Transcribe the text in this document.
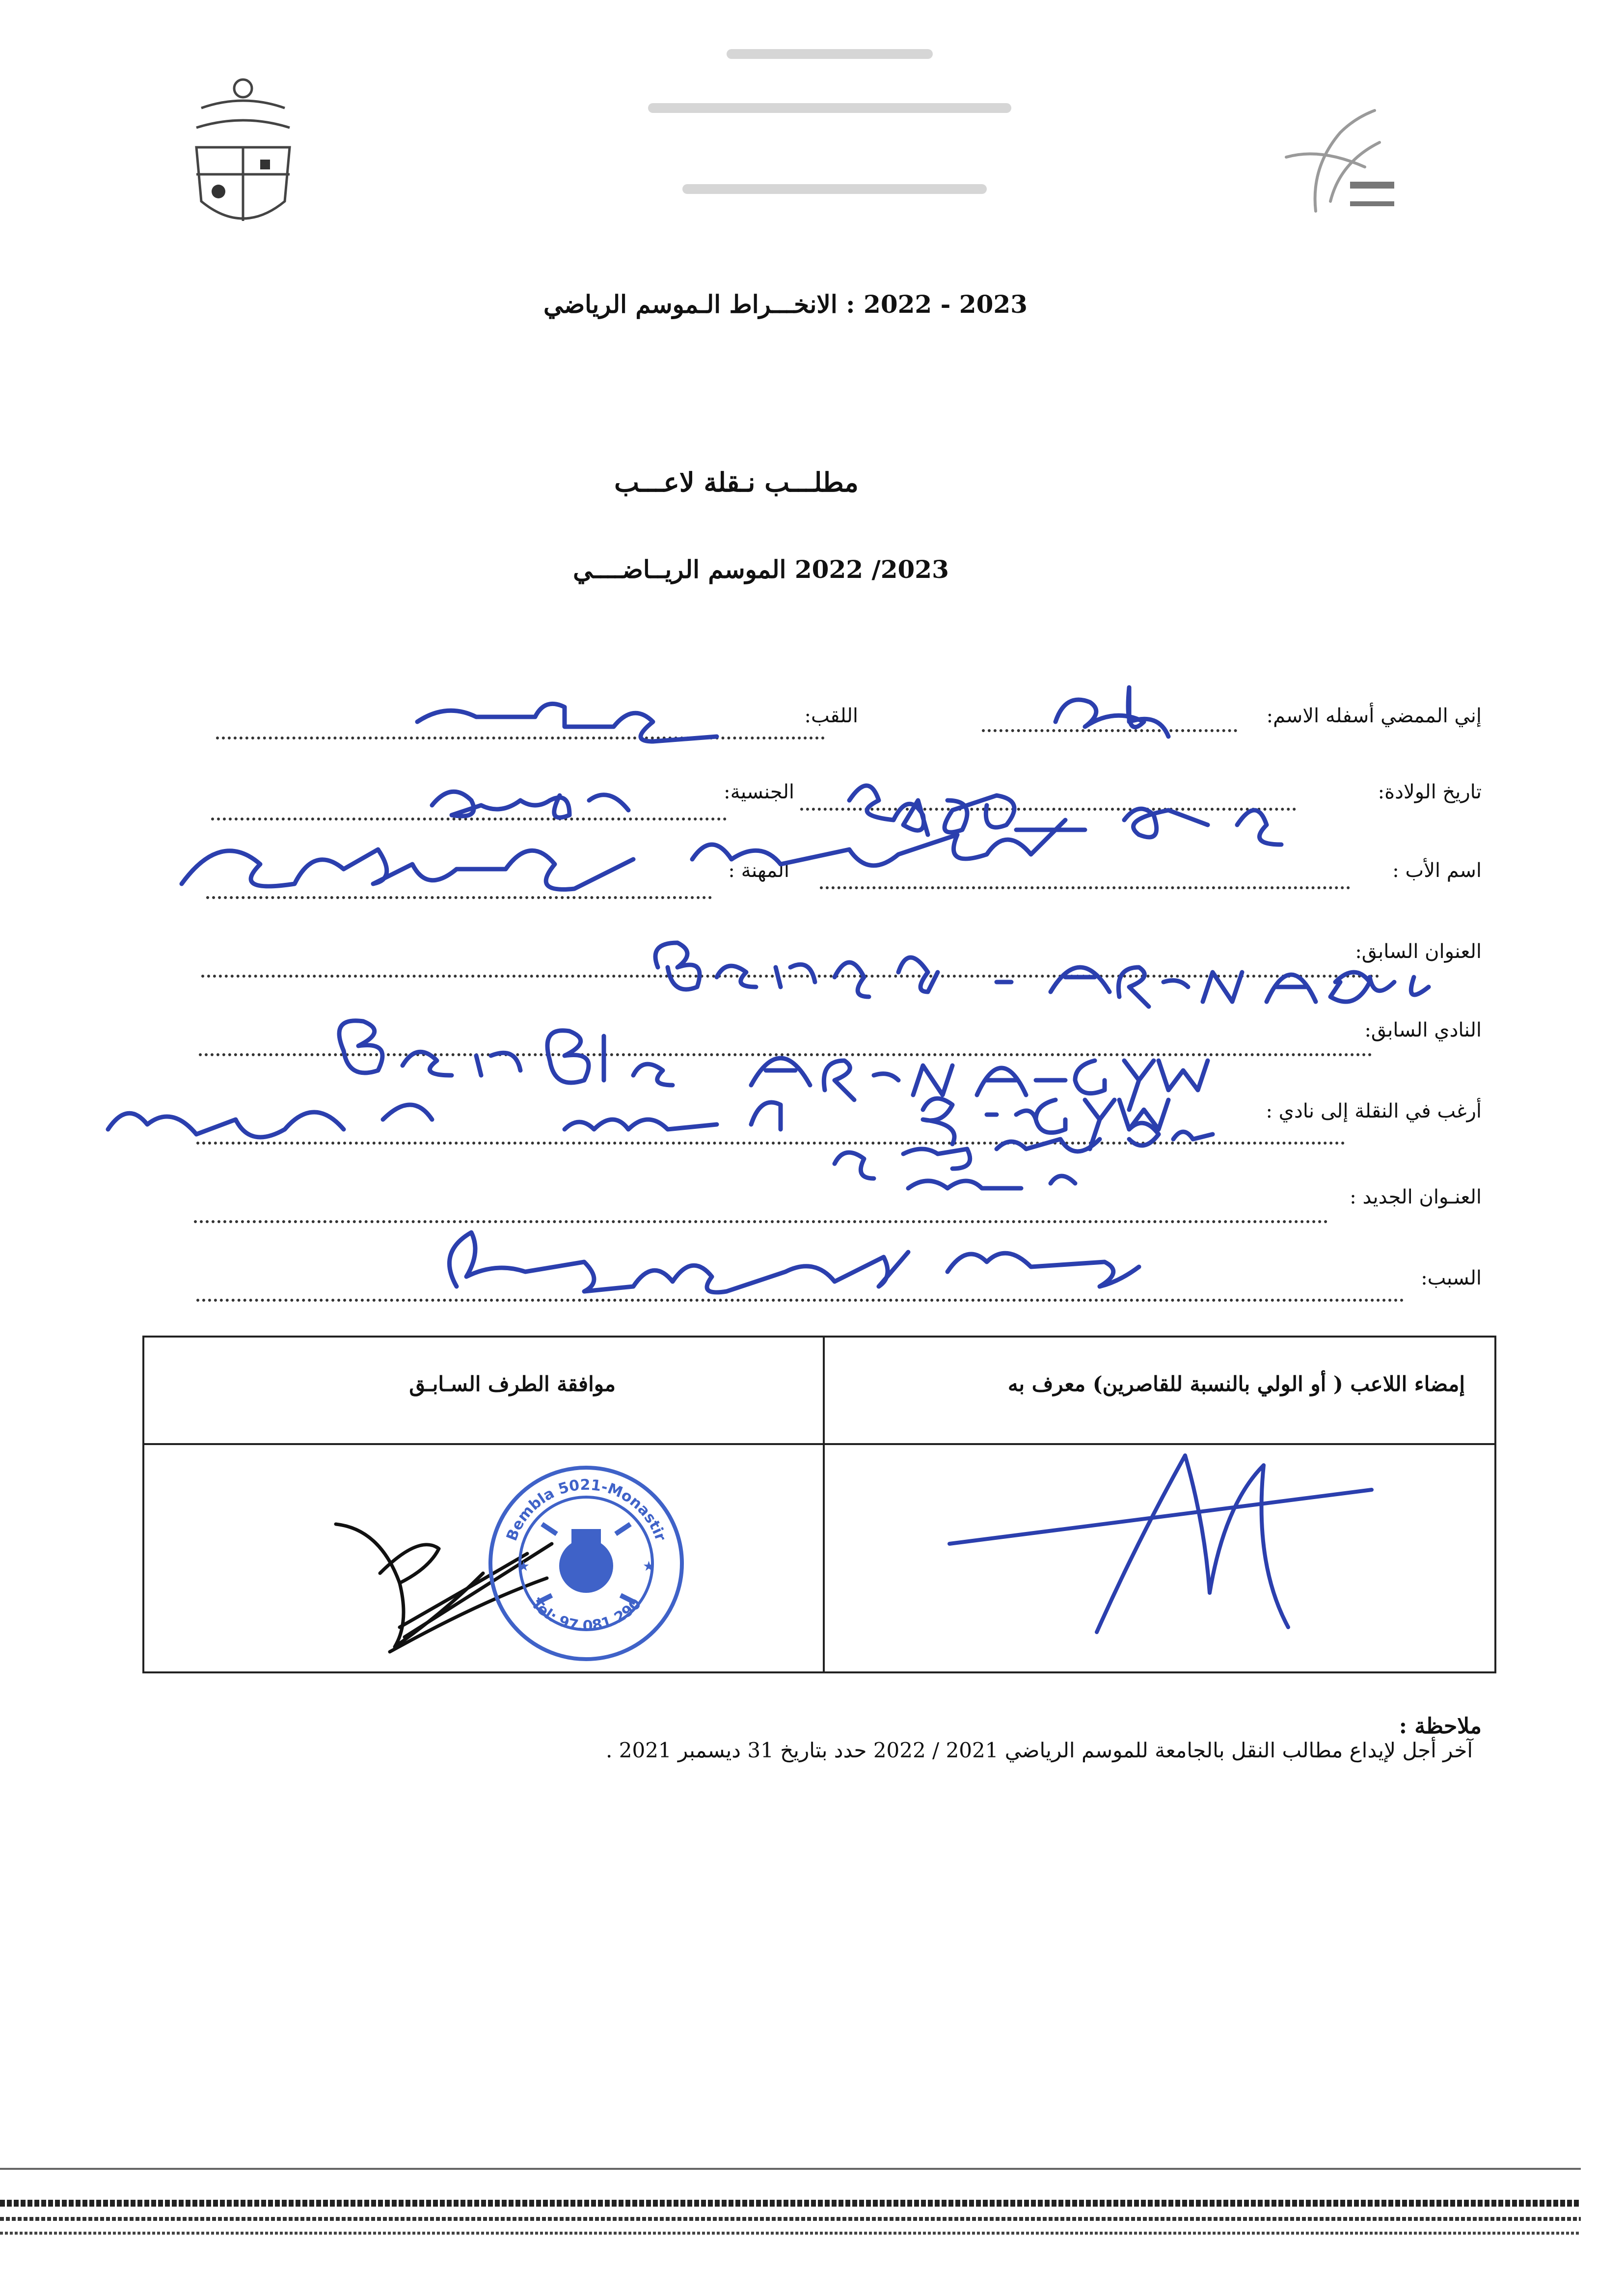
2023 - 2022 : الانخـــراط الـموسم الرياضي
مطلـــب نـقلة لاعـــب
2023/ 2022 الموسم الريــاضــــي
إني الممضي أسفله الاسم:
اللقب:
تاريخ الولادة:
الجنسية:
اسم الأب :
المهنة :
العنوان السابق:
النادي السابق:
أرغب في النقلة إلى نادي :
العنـوان الجديد :
السبب:
إمضاء اللاعب ( أو الولي بالنسبة للقاصرين) معرف به
موافقة الطرف السـابـق
★	★
Bembla 5021-Monastir
Tel: 97.081.290
ملاحظة :
آخر أجل لإيداع مطالب النقل بالجامعة للموسم الرياضي 2021 / 2022 حدد بتاريخ 31 ديسمبر 2021 .
